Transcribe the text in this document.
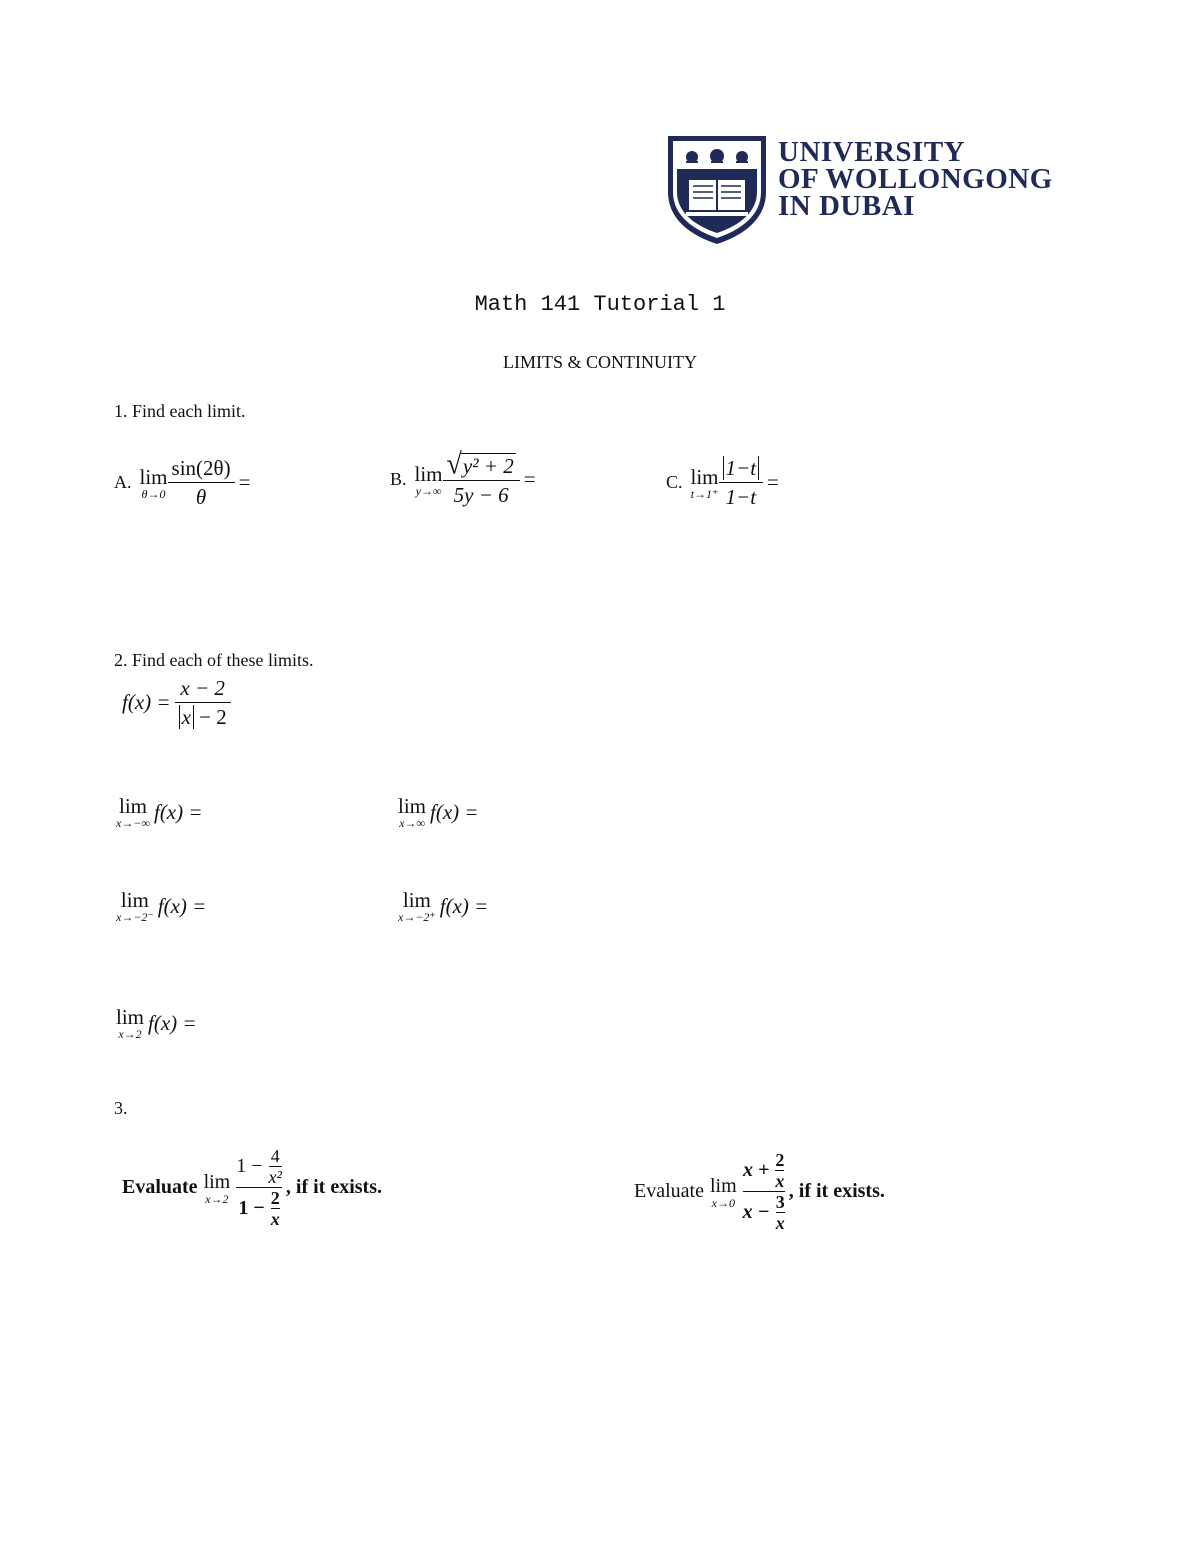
UNIVERSITY
OF WOLLONGONG
IN DUBAI
Math 141 Tutorial 1
LIMITS & CONTINUITY
1. Find each limit.
A. lim
$\theta\to 0 \frac{\sin(2\theta)}{\theta}$ =	B. lim
$y\to\infty \frac{\text{√ y² + 2}}{5y - 6}$ =	C. lim
$t\to 1^+ \frac{1-t}{1-t}$ =
2. Find each of these limits.
$f(x) = \frac{x - 2}{x - 2}$
lim
x→−∞ f(x) =	lim
x→∞ f(x) =
lim
x→−2⁻ f(x) =	lim
x→−2⁺ f(x) =
lim
x→2 f(x) =
3.
Evaluate lim
x→2
$1 - \frac{4}{\text{x²}}$
$1 - \frac{2}{x}$
, if it exists.	Evaluate lim
x→0
$x + \frac{2}{x}$
$x - \frac{3}{x}$
, if it exists.
